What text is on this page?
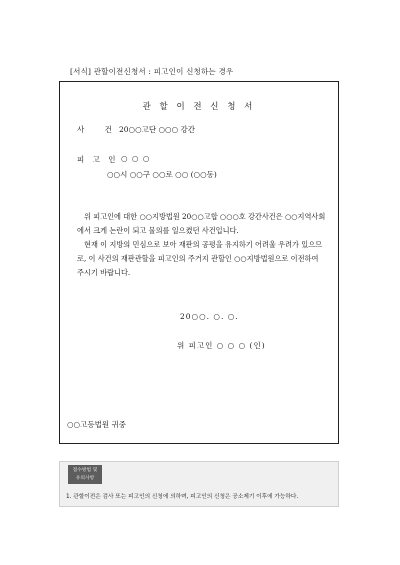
[서식] 관할이전신청서 : 피고인이 신청하는 경우
관 할 이 전 신 청 서
사 건
20○○고단 ○○○ 강간
피 고 인 ○ ○ ○
○○시 ○○구 ○○로 ○○ (○○동)

위 피고인에 대한 ○○지방법원 20○○고합 ○○○호 강간사건은 ○○지역사회에서 크게 논란이 되고 물의를 일으켰던 사건입니다.

현재 이 지방의 민심으로 보아 재판의 공평을 유지하기 어려울 우려가 있으므로, 이 사건의 재판관할을 피고인의 주거지 관할인 ○○지방법원으로 이전하여 주시기 바랍니다.

20○○. ○. ○.
위 피고인 ○ ○ ○ (인)
○○고등법원 귀중
접수방법 및
유의사항
1. 관할이전은 검사 또는 피고인의 신청에 의하며, 피고인의 신청은 공소제기 이후에 가능하다.
